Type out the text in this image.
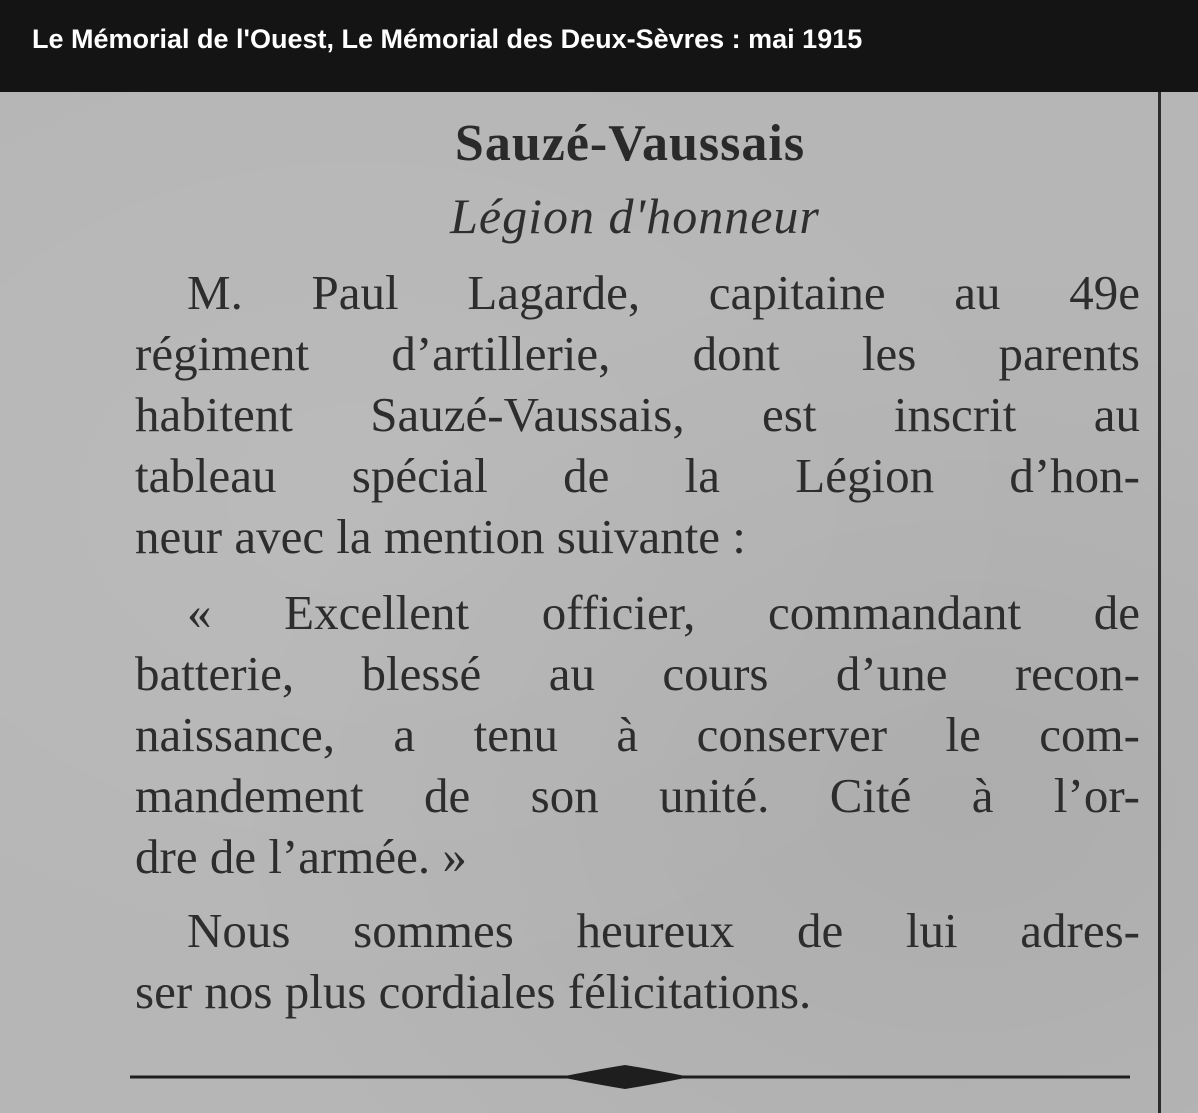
Le Mémorial de l'Ouest, Le Mémorial des Deux-Sèvres : mai 1915
Sauzé-Vaussais
Légion d'honneur
M. Paul Lagarde, capitaine au 49e
régiment d’artillerie, dont les parents
habitent Sauzé-Vaussais, est inscrit au
tableau spécial de la Légion d’hon-
neur avec la mention suivante :
« Excellent officier, commandant de
batterie, blessé au cours d’une recon-
naissance, a tenu à conserver le com-
mandement de son unité. Cité à l’or-
dre de l’armée. »
Nous sommes heureux de lui adres-
ser nos plus cordiales félicitations.
